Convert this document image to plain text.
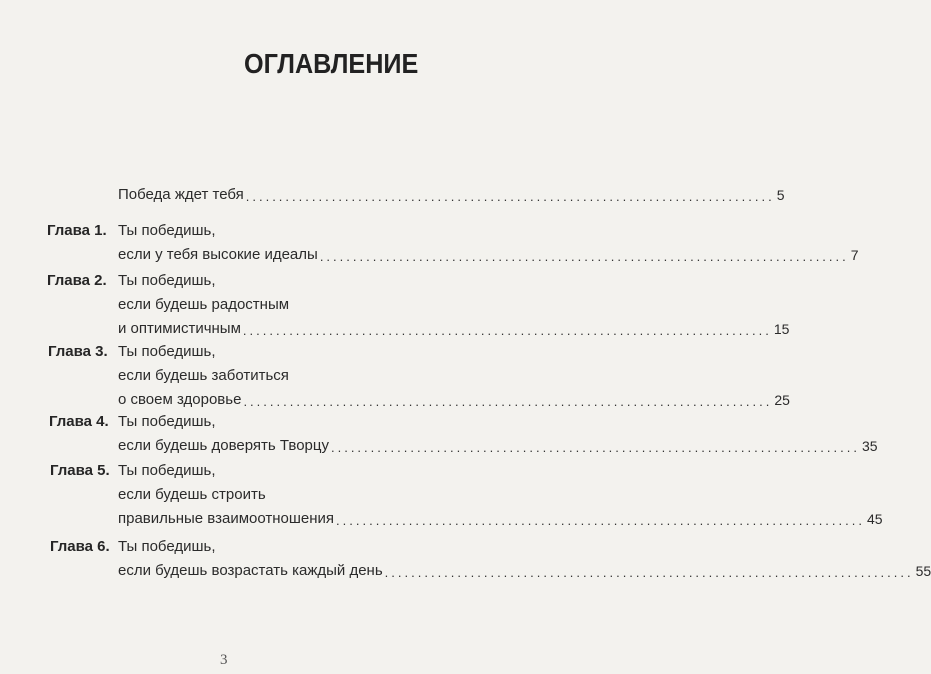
ОГЛАВЛЕНИЕ
Победа ждет тебя ................................................................................ 5
Глава 1. Ты победишь,
если у тебя высокие идеалы ................................................................................ 7
Глава 2. Ты победишь,
если будешь радостным
и оптимистичным ................................................................................ 15
Глава 3. Ты победишь,
если будешь заботиться
о своем здоровье ................................................................................ 25
Глава 4. Ты победишь,
если будешь доверять Творцу ................................................................................ 35
Глава 5. Ты победишь,
если будешь строить
правильные взаимоотношения ................................................................................ 45
Глава 6. Ты победишь,
если будешь возрастать каждый день ................................................................................ 55
3
